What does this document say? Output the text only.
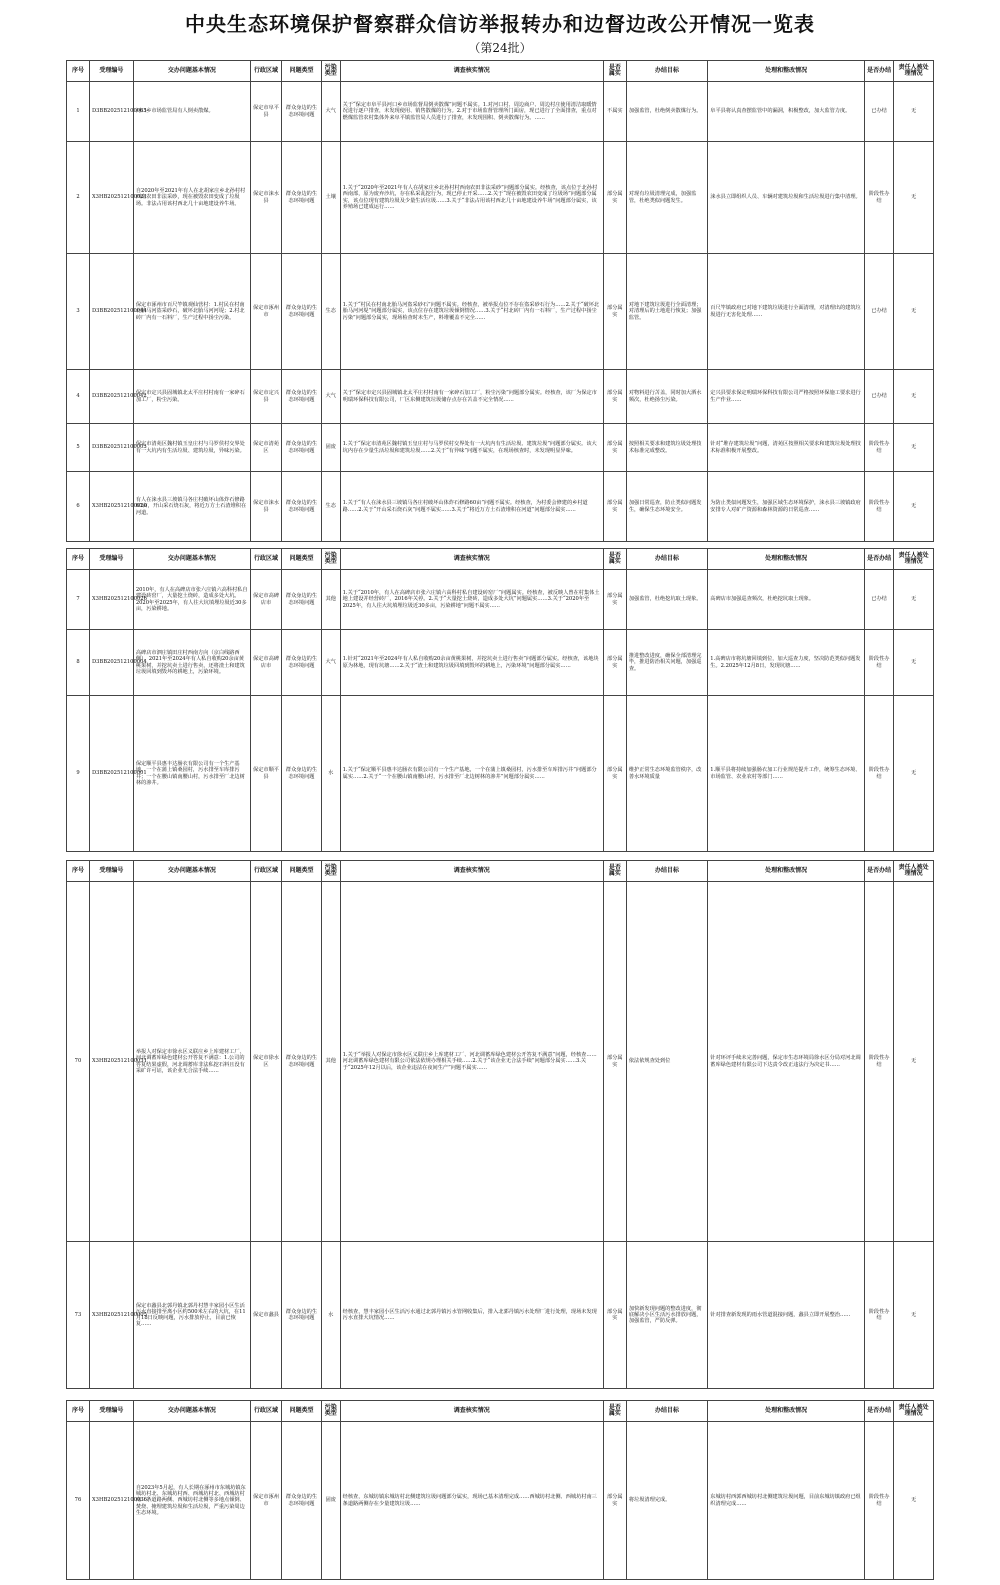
中央生态环境保护督察群众信访举报转办和边督边改公开情况一览表
（第24批）
序号	受理编号	交办问题基本情况	行政区域	问题类型	污染类型	调查核实情况	是否属实	办结目标	处理和整改情况	是否办结	责任人被处理情况
1	D3BB202512100065	河口乡市场监管局有人倒卖散煤。	保定市阜平县	群众身边的生态环境问题	大气	关于“保定市阜平县河口乡市场监督局倒卖散煤”问题不属实。1.对河口村、周边商户、周边村庄使用清洁取暖情况进行逐户排查，未发现使用、销售散煤的行为。2.对于市场监督管理所门面房，现已进行了全面排查，重点对燃煤监管农村集体外来阜平镇监管局人员进行了排查，未发现囤积、倒卖散煤行为。……	不属实	加强监管，杜绝倒卖散煤行为。	阜平县将认真查摆监管中的漏洞，积极整改，加大监管力度。	已办结	无
2	X3HB202512100021	自2020年至2021年有人在北胡家庄乡北孙村村西南农田非法采砂，现在被毁农田变成了垃圾场。非法占用该村西北几十亩地建设养牛场。	保定市涞水县	群众身边的生态环境问题	土壤	1.关于“2020年至2021年有人在胡家庄乡北孙村村西南农田非法采砂”问题部分属实。经核查，该点位于北孙村西南部，原为废弃沙坑，存在私采乱挖行为，现已停止开采……2.关于“现在被毁农田变成了垃圾场”问题部分属实，该点位现有建筑垃圾及少量生活垃圾……3.关于“非法占用该村西北几十亩地建设养牛场”问题部分属实，该养殖场已建成运行……	部分属实	对现有垃圾清理完成，加强监管，杜绝类似问题发生。	涞水县立即组织人员、车辆对建筑垃圾和生活垃圾进行集中清理。	阶段性办结	无
3	D3BB202512100044	保定市涿州市百尺竿镇观仙营村：1.村民在村南北胎马河盗采砂石，破坏北胎马河河堤；2.村北砖厂内有一石料厂，生产过程中扬尘污染。	保定市涿州市	群众身边的生态环境问题	生态	1.关于“村民在村南北胎马河盗采砂石”问题不属实。经核查，被举报点位不存在盗采砂石行为……2.关于“破坏北胎马河河堤”问题部分属实，该点位存在建筑垃圾倾倒情况……3.关于“村北砖厂内有一石料厂，生产过程中扬尘污染”问题部分属实，现场检查时未生产，料堆覆盖不完全……	部分属实	对地下建筑垃圾进行全面清理；对清理后的土地进行恢复；加强监管。	百尺竿镇政府已对地下建筑垃圾进行全面清理，对清理出的建筑垃圾进行无害化处理……	已办结	无
4	D3BB202512100042	保定市定兴县固城镇北太平庄村村南有一家碎石加工厂，粉尘污染。	保定市定兴县	群众身边的生态环境问题	大气	关于“保定市定兴县固城镇北太平庄村村南有一家碎石加工厂，粉尘污染”问题部分属实。经核查，该厂为保定市明瑞环保科技有限公司，厂区东侧建筑垃圾储存点存在苫盖不完全情况……	部分属实	对物料进行苫盖，同时加大洒水频次，杜绝扬尘污染。	定兴县要求保定明瑞环保科技有限公司严格按照环保施工要求进行生产作业……	已办结	无
5	D3BB202512100003	保定市清苑区魏村镇玉皇庄村与马罗侯村交界处有一大坑内有生活垃圾、建筑垃圾，异味污染。	保定市清苑区	群众身边的生态环境问题	固废	1.关于“保定市清苑区魏村镇玉皇庄村与马罗侯村交界处有一大坑内有生活垃圾、建筑垃圾”问题部分属实。该大坑内存在少量生活垃圾和建筑垃圾……2.关于“有异味”问题不属实，在现场核查时，未发现明显异味。	部分属实	按照相关要求和建筑垃圾处理技术标准完成整改。	针对“堆存建筑垃圾”问题，清苑区按照相关要求和建筑垃圾处理技术标准积极开展整改。	阶段性办结	无
6	X3HB202512100020	有人在涞水县三坡镇马各庄村破坏山体炸石修路60亩，开山采石烧石灰，将近万方土石渣堆积在河道。	保定市涞水县	群众身边的生态环境问题	生态	1.关于“有人在涞水县三坡镇马各庄村破坏山体炸石修路60亩”问题不属实。经核查，为村委会修建的乡村道路……2.关于“开山采石烧石灰”问题不属实……3.关于“将近万方土石渣堆积在河道”问题部分属实……	部分属实	加强日常巡查，防止类似问题发生，确保生态环境安全。	为防止类似问题发生，加强区域生态环境保护，涞水县三坡镇政府安排专人对矿产资源和森林资源的日常巡查……	阶段性办结	无
序号	受理编号	交办问题基本情况	行政区域	问题类型	污染类型	调查核实情况	是否属实	办结目标	处理和整改情况	是否办结	责任人被处理情况
7	X3HB202512100026	2010年，有人在高碑店市张六庄镇六高科村私自建设砖窑厂，大量挖土烧砖，造成多处大坑。2020年至2025年，有人往大坑填埋垃圾近30多亩，污染耕地。	保定市高碑店市	群众身边的生态环境问题	其他	1.关于“2010年，有人在高碑店市张六庄镇六高科村私自建设砖窑厂”问题属实。经核查，被反映人曾在村集体土地上建设并经营砖厂，2016年关停。2.关于“大量挖土烧砖，造成多处大坑”问题属实……3.关于“2020年至2025年，有人往大坑填埋垃圾近30多亩，污染耕地”问题不属实……	部分属实	加强监管，杜绝挖坑取土现象。	高碑店市加强巡查频次，杜绝挖坑取土现象。	已办结	无
8	D3BB202512100004	高碑店市泗庄镇田庄村西南方向（京白线路西侧），2021年至2024年有人私自收购20余亩黄桃果树，并挖坑卖土进行售卖，还将渣土和建筑垃圾回填到毁坏的耕地上，污染环境。	保定市高碑店市	群众身边的生态环境问题	大气	1.针对“2021年至2024年有人私自收购20余亩黄桃果树，并挖坑卖土进行售卖”问题部分属实。经核查，该地块原为林地，现有坑塘……2.关于“渣土和建筑垃圾回填到毁坏的耕地上，污染环境”问题部分属实……	部分属实	推进整改进度，确保全部清理完毕，推进防治相关问题，加强巡查。	1.高碑店市将坑塘回填到位，加大巡查力度，坚决防范类似问题发生。2.2025年12月8日，发现坑塘……	阶段性办结	无
9	D3BB202512100001	保定顺平县惠丰达肠衣有限公司有一个生产基地，一个在蒲上镇桑园村，污水排至车库排污井；一个在腰山镇南腰山村，污水排至厂北边树林的渗井。	保定市顺平县	群众身边的生态环境问题	水	1.关于“保定顺平县惠丰达肠衣有限公司有一个生产基地，一个在蒲上镇桑园村，污水排至车库排污井”问题部分属实……2.关于“一个在腰山镇南腰山村，污水排至厂北边树林的渗井”问题部分属实……	部分属实	维护正常生态环境监管秩序，改善水环境质量	1.顺平县将持续加强肠衣加工行业规范提升工作，统筹生态环境、市场监管、农业农村等部门……	阶段性办结	无
序号	受理编号	交办问题基本情况	行政区域	问题类型	污染类型	调查核实情况	是否属实	办结目标	处理和整改情况	是否办结	责任人被处理情况
70	X3HB202512100031	举报人对保定市徐水区义联庄乡上库建材工厂、河北调蓄库绿色建材公开答复不满意：1.公司的答复结果虚假，河北调蓄库非法私挖石料且没有采矿许可证，该企业无合法手续……	保定市徐水区	群众身边的生态环境问题	其他	1.关于“举报人对保定市徐水区义联庄乡上库建材工厂、河北调蓄库绿色建材公开答复不满意”问题，经核查……河北调蓄库绿色建材有限公司依法依规办理相关手续……2.关于“该企业无合法手续”问题部分属实……3.关于“2025年12月以后，该企业违法在夜间生产”问题不属实……	部分属实	依法依规查处到位	针对环评手续未完善问题，保定市生态环境局徐水区分局对河北调蓄库绿色建材有限公司下达责令改正违法行为决定书……	阶段性办结	无
73	X3HB202512100005	保定市蠡县北郭丹镇北郭丹村慧丰家园小区生活污水直接排至离小区约500米左右的大坑，在11月18日反映问题，污水排放停止，目前已恢复……	保定市蠡县	群众身边的生态环境问题	水	经核查，慧丰家园小区生活污水通过北郭丹镇污水管网收集后，排入北郭丹镇污水处理厂进行处理，现场未发现污水直排大坑情况……	部分属实	加快新发现问题的整改进度，彻底解决小区生活污水排放问题，加强监管，严防反弹。	针对排查新发现的雨水管道混接问题，蠡县立即开展整治……	阶段性办结	无
序号	受理编号	交办问题基本情况	行政区域	问题类型	污染类型	调查核实情况	是否属实	办结目标	处理和整改情况	是否办结	责任人被处理情况
76	X3HB202512100036	自2023年5月起，有人长期在涿州市东城坊镇东城坊村北、东城坊村西、西城坊村北、西城坊村南三条道路两侧、西城坊村北侧等多地点倾倒、焚烧、掩埋建筑垃圾和生活垃圾，严重污染周边生态环境。	保定市涿州市	群众身边的生态环境问题	固废	经核查，东城坊镇东城坊村北侧建筑垃圾问题部分属实，现场已基本清理完成……西城坊村北侧、西城坊村南三条道路两侧存在少量建筑垃圾……	部分属实	将垃圾清理完成。	东城坊村西郭西城坊村北侧建筑垃圾问题，目前东城坊镇政府已组织清理完成……	阶段性办结	无
